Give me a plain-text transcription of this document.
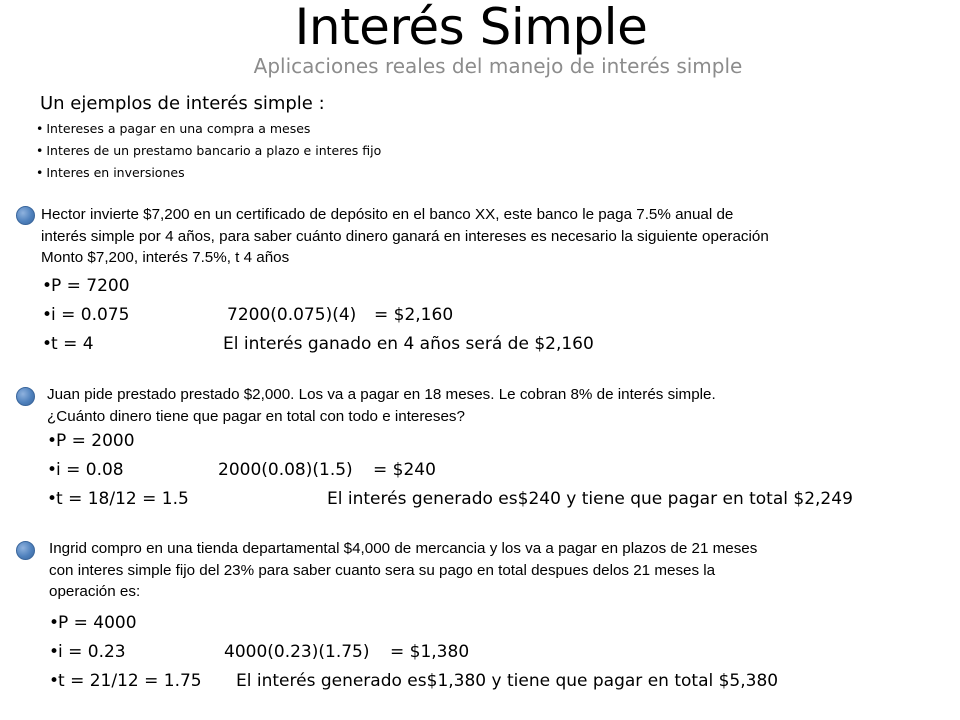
Interés Simple
Aplicaciones reales del manejo de interés simple
Un ejemplos de interés simple :
• Intereses a pagar en una compra a meses
• Interes de un prestamo bancario a plazo e interes fijo
• Interes en inversiones
Hector invierte $7,200 en un certificado de depósito en el banco XX, este banco le paga 7.5% anual de
interés simple por 4 años, para saber cuánto dinero ganará en intereses es necesario la siguiente operación
Monto $7,200, interés 7.5%, t 4 años
•P = 7200
•i = 0.075	7200(0.075)(4) = $2,160
•t = 4	El interés ganado en 4 años será de $2,160
Juan pide prestado prestado $2,000. Los va a pagar en 18 meses. Le cobran 8% de interés simple.
¿Cuánto dinero tiene que pagar en total con todo e intereses?
•P = 2000
•i = 0.08	2000(0.08)(1.5) = $240
•t = 18/12 = 1.5	El interés generado es$240 y tiene que pagar en total $2,249
Ingrid compro en una tienda departamental $4,000 de mercancia y los va a pagar en plazos de 21 meses
con interes simple fijo del 23% para saber cuanto sera su pago en total despues delos 21 meses la
operación es:
•P = 4000
•i = 0.23	4000(0.23)(1.75) = $1,380
•t = 21/12 = 1.75 El interés generado es$1,380 y tiene que pagar en total $5,380
